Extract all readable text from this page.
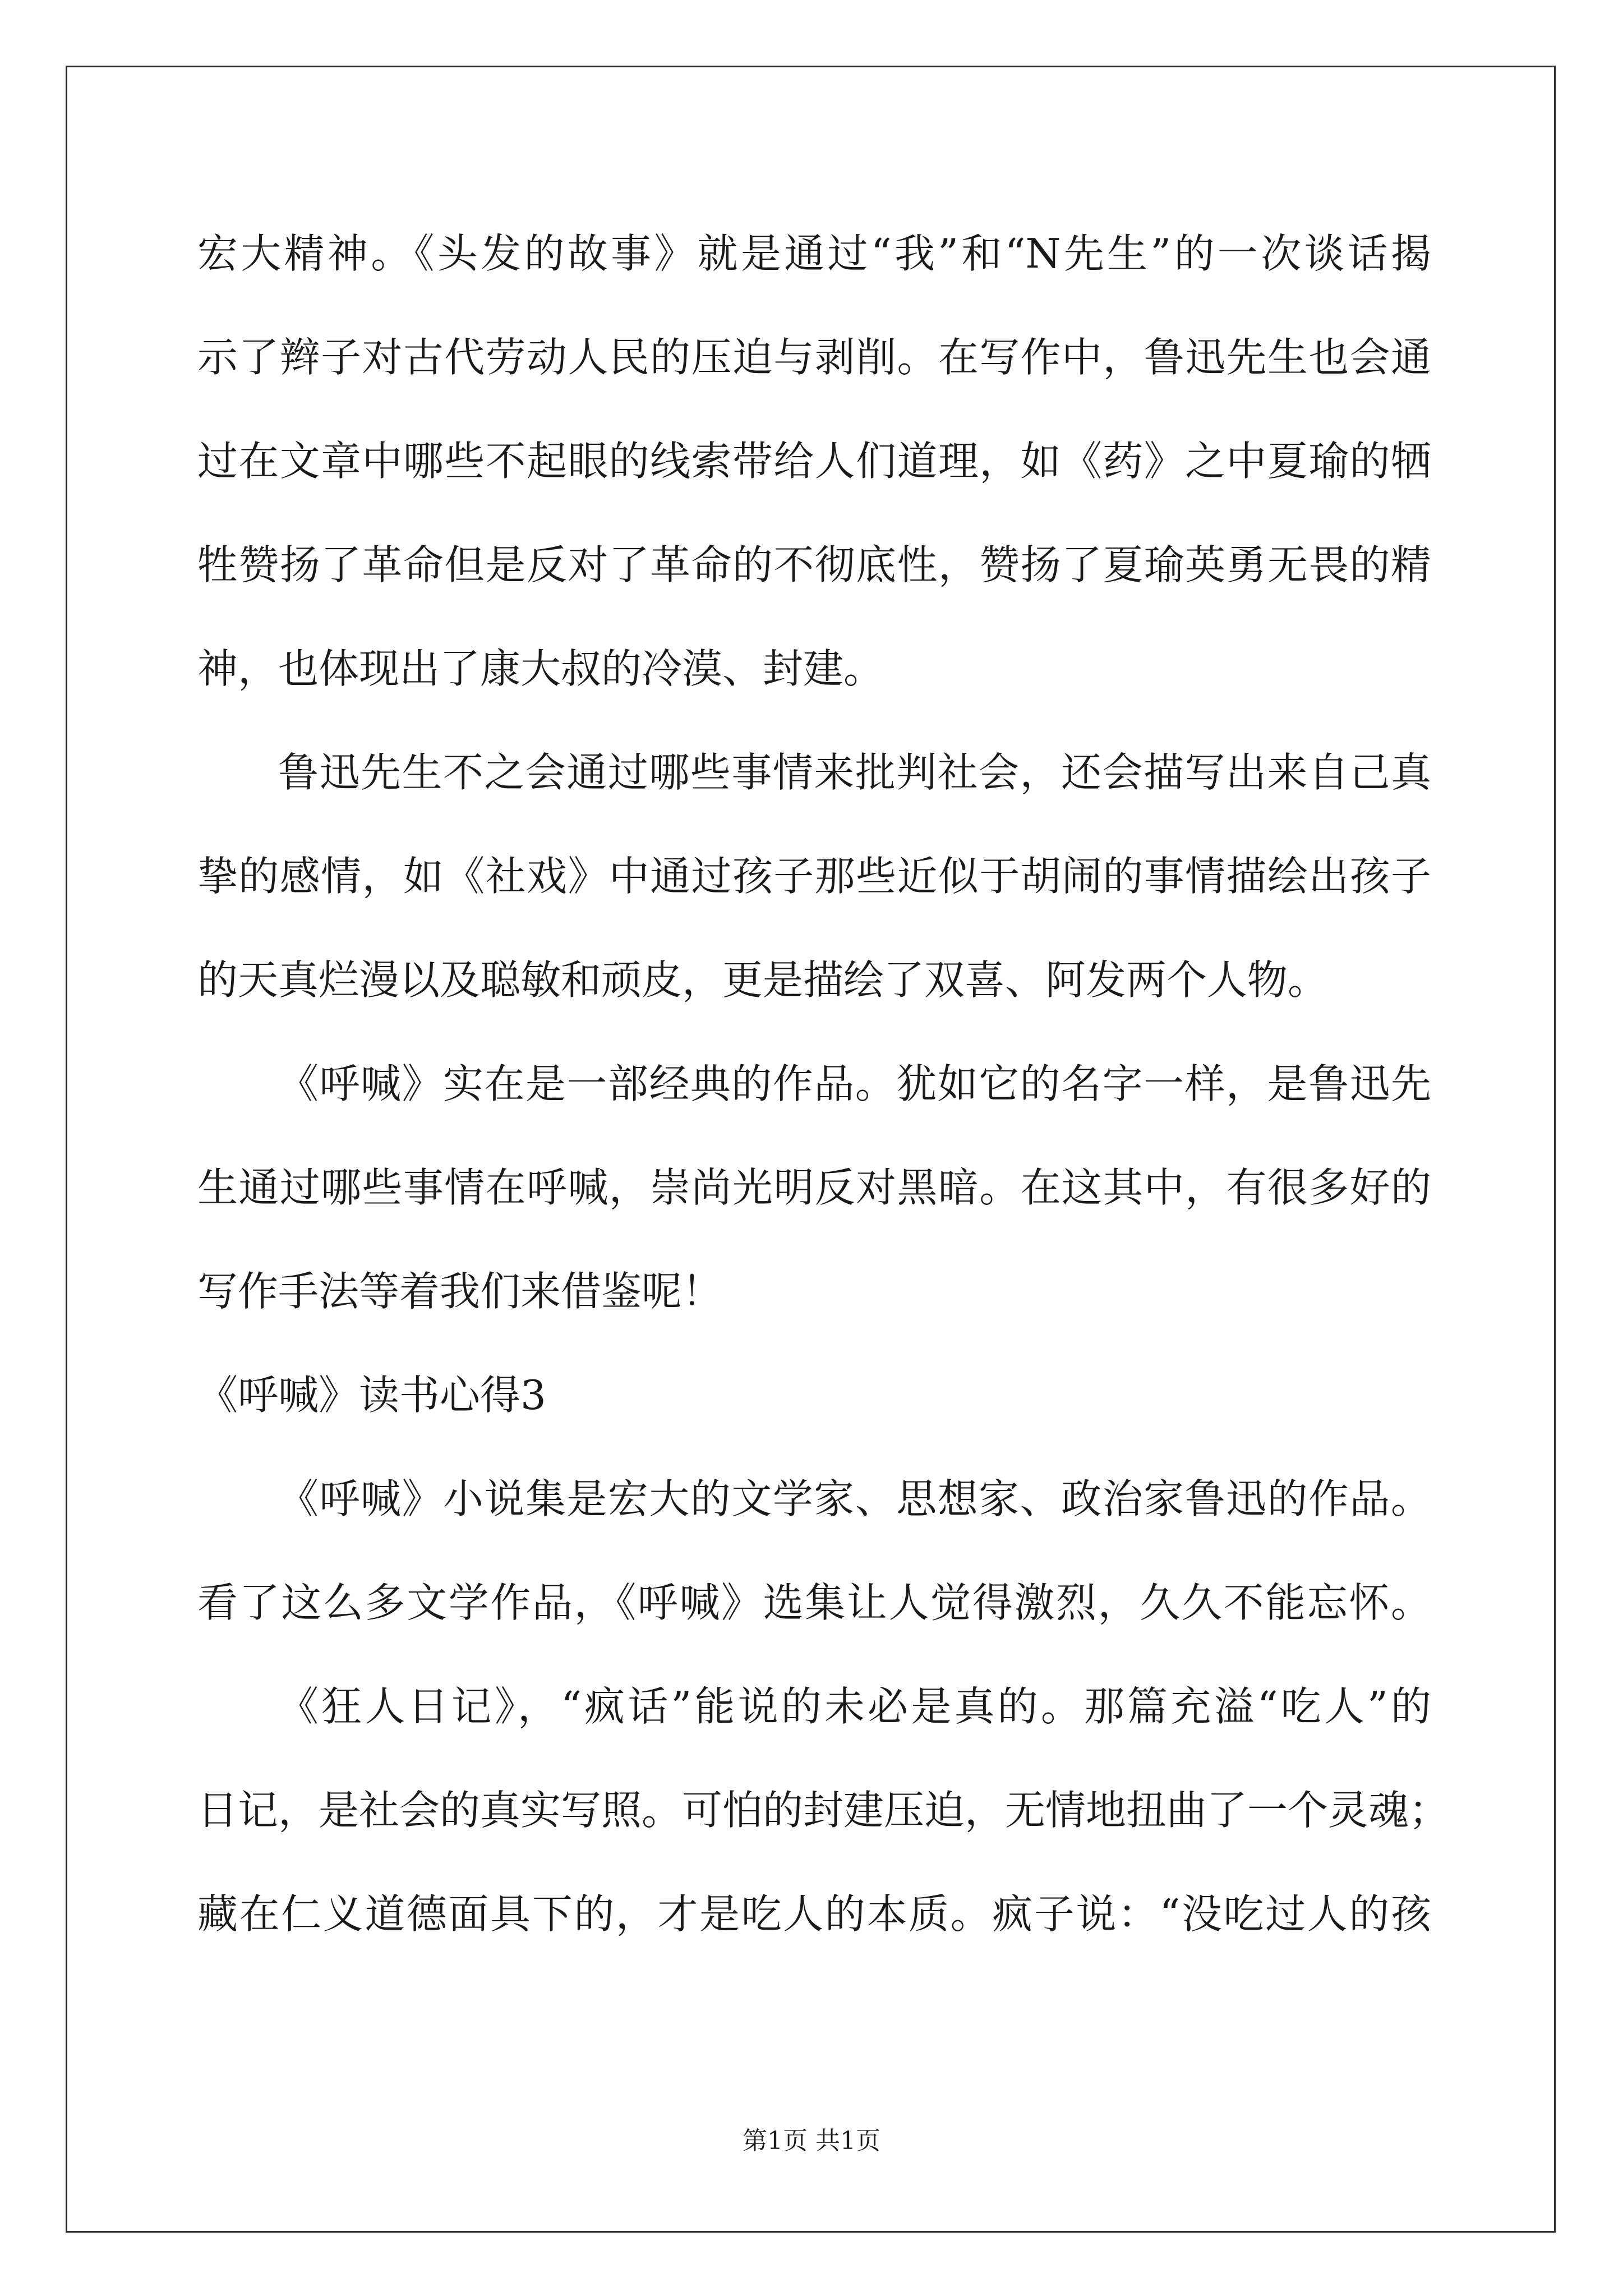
宏大精神。《头发的故事》就是通过“我”和“N先生”的一次谈话揭
示了辫子对古代劳动人民的压迫与剥削。在写作中，鲁迅先生也会通
过在文章中哪些不起眼的线索带给人们道理，如《药》之中夏瑜的牺
牲赞扬了革命但是反对了革命的不彻底性，赞扬了夏瑜英勇无畏的精
神，也体现出了康大叔的冷漠、封建。
鲁迅先生不之会通过哪些事情来批判社会，还会描写出来自己真
挚的感情，如《社戏》中通过孩子那些近似于胡闹的事情描绘出孩子
的天真烂漫以及聪敏和顽皮，更是描绘了双喜、阿发两个人物。
《呼喊》实在是一部经典的作品。犹如它的名字一样，是鲁迅先
生通过哪些事情在呼喊，崇尚光明反对黑暗。在这其中，有很多好的
写作手法等着我们来借鉴呢！
《呼喊》读书心得3
《呼喊》小说集是宏大的文学家、思想家、政治家鲁迅的作品。
看了这么多文学作品，《呼喊》选集让人觉得激烈，久久不能忘怀。
《狂人日记》，“疯话”能说的未必是真的。那篇充溢“吃人”的
日记，是社会的真实写照。可怕的封建压迫，无情地扭曲了一个灵魂；
藏在仁义道德面具下的，才是吃人的本质。疯子说：“没吃过人的孩
第1页 共1页
